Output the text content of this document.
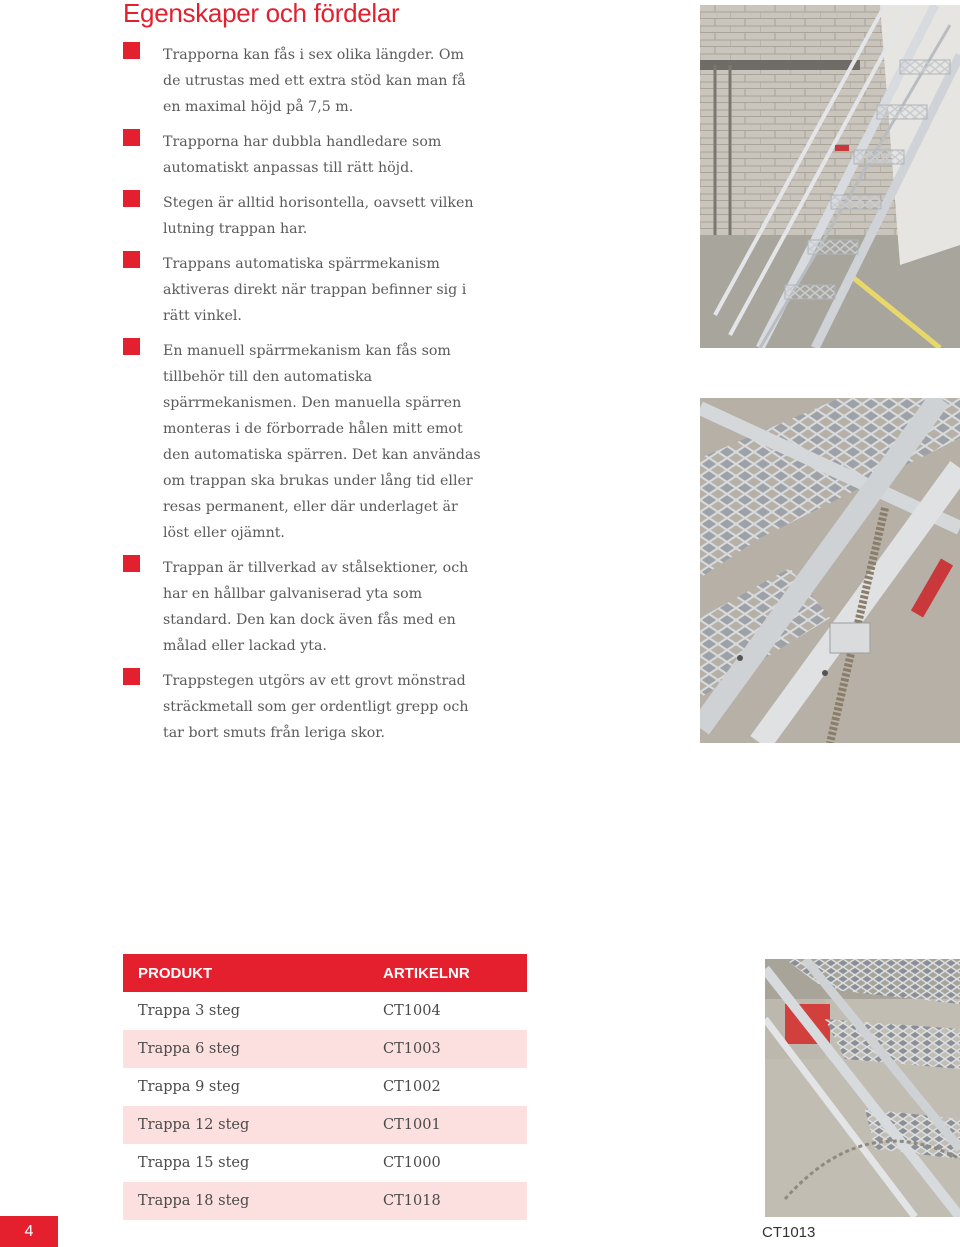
Egenskaper och fördelar
Trapporna kan fås i sex olika längder. Om de utrustas med ett extra stöd kan man få en maximal höjd på 7,5 m.
Trapporna har dubbla handledare som automatiskt anpassas till rätt höjd.
Stegen är alltid horisontella, oavsett vilken lutning trappan har.
Trappans automatiska spärrmekanism aktiveras direkt när trappan befinner sig i rätt vinkel.
En manuell spärrmekanism kan fås som tillbehör till den automatiska spärrmekanismen. Den manuella spärren monteras i de förborrade hålen mitt emot den automatiska spärren. Det kan användas om trappan ska brukas under lång tid eller resas permanent, eller där underlaget är löst eller ojämnt.
Trappan är tillverkad av stålsektioner, och har en hållbar galvaniserad yta som standard. Den kan dock även fås med en målad eller lackad yta.
Trappstegen utgörs av ett grovt mönstrad sträckmetall som ger ordentligt grepp och tar bort smuts från leriga skor.
PRODUKT	ARTIKELNR
Trappa 3 steg	CT1004
Trappa 6 steg	CT1003
Trappa 9 steg	CT1002
Trappa 12 steg	CT1001
Trappa 15 steg	CT1000
Trappa 18 steg	CT1018
4	CT1013
